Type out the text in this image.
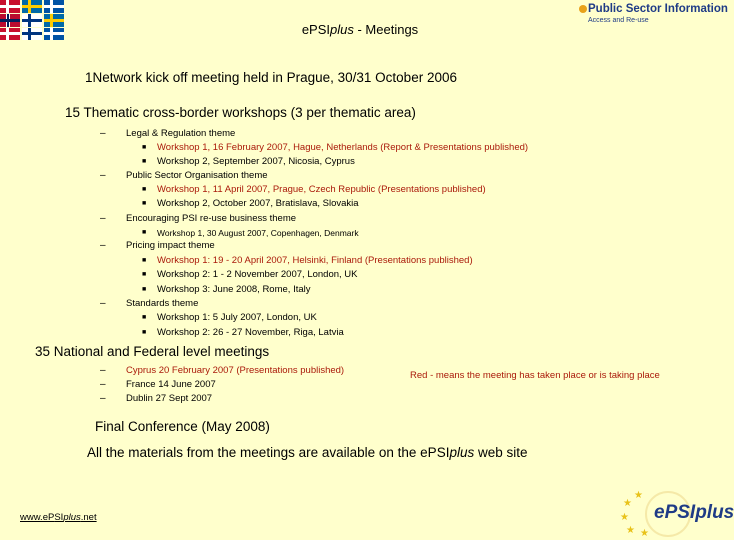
ePSIplus - Meetings
Public Sector Information
Access and Re-use
1Network kick off meeting held in Prague, 30/31 October 2006
15 Thematic cross-border workshops (3 per thematic area)
– Legal & Regulation theme
■ Workshop 1, 16 February 2007, Hague, Netherlands (Report & Presentations published)
■ Workshop 2, September 2007, Nicosia, Cyprus
– Public Sector Organisation theme
■ Workshop 1, 11 April 2007, Prague, Czech Republic (Presentations published)
■ Workshop 2, October 2007, Bratislava, Slovakia
– Encouraging PSI re-use business theme
■ Workshop 1, 30 August 2007, Copenhagen, Denmark
– Pricing impact theme
■ Workshop 1: 19 - 20 April 2007, Helsinki, Finland (Presentations published)
■ Workshop 2: 1 - 2 November 2007, London, UK
■ Workshop 3: June 2008, Rome, Italy
– Standards theme
■ Workshop 1: 5 July 2007, London, UK
■ Workshop 2: 26 - 27 November, Riga, Latvia
35 National and Federal level meetings
– Cyprus 20 February 2007 (Presentations published)
– France 14 June 2007
– Dublin 27 Sept 2007
Red - means the meeting has taken place or is taking place
Final Conference (May 2008)
All the materials from the meetings are available on the ePSIplus web site
www.ePSIplus.net
★
★
★
★ ★
ePSIplus
